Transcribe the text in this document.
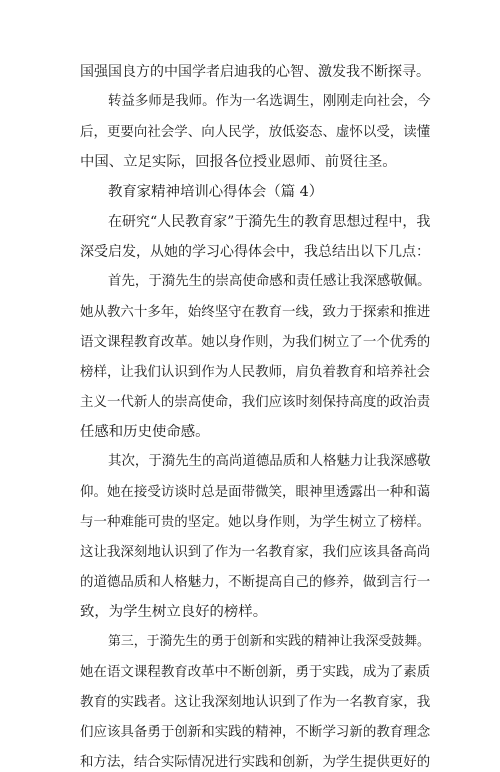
国强国良方的中国学者启迪我的心智、激发我不断探寻。
转益多师是我师。作为一名选调生，刚刚走向社会，今
后，更要向社会学、向人民学，放低姿态、虚怀以受，读懂
中国、立足实际，回报各位授业恩师、前贤往圣。
教育家精神培训心得体会（篇 4）
在研究“人民教育家”于漪先生的教育思想过程中，我
深受启发，从她的学习心得体会中，我总结出以下几点：
首先，于漪先生的崇高使命感和责任感让我深感敬佩。
她从教六十多年，始终坚守在教育一线，致力于探索和推进
语文课程教育改革。她以身作则，为我们树立了一个优秀的
榜样，让我们认识到作为人民教师，肩负着教育和培养社会
主义一代新人的崇高使命，我们应该时刻保持高度的政治责
任感和历史使命感。
其次，于漪先生的高尚道德品质和人格魅力让我深感敬
仰。她在接受访谈时总是面带微笑，眼神里透露出一种和蔼
与一种难能可贵的坚定。她以身作则，为学生树立了榜样。
这让我深刻地认识到了作为一名教育家，我们应该具备高尚
的道德品质和人格魅力，不断提高自己的修养，做到言行一
致，为学生树立良好的榜样。
第三，于漪先生的勇于创新和实践的精神让我深受鼓舞。
她在语文课程教育改革中不断创新，勇于实践，成为了素质
教育的实践者。这让我深刻地认识到了作为一名教育家，我
们应该具备勇于创新和实践的精神，不断学习新的教育理念
和方法，结合实际情况进行实践和创新，为学生提供更好的
